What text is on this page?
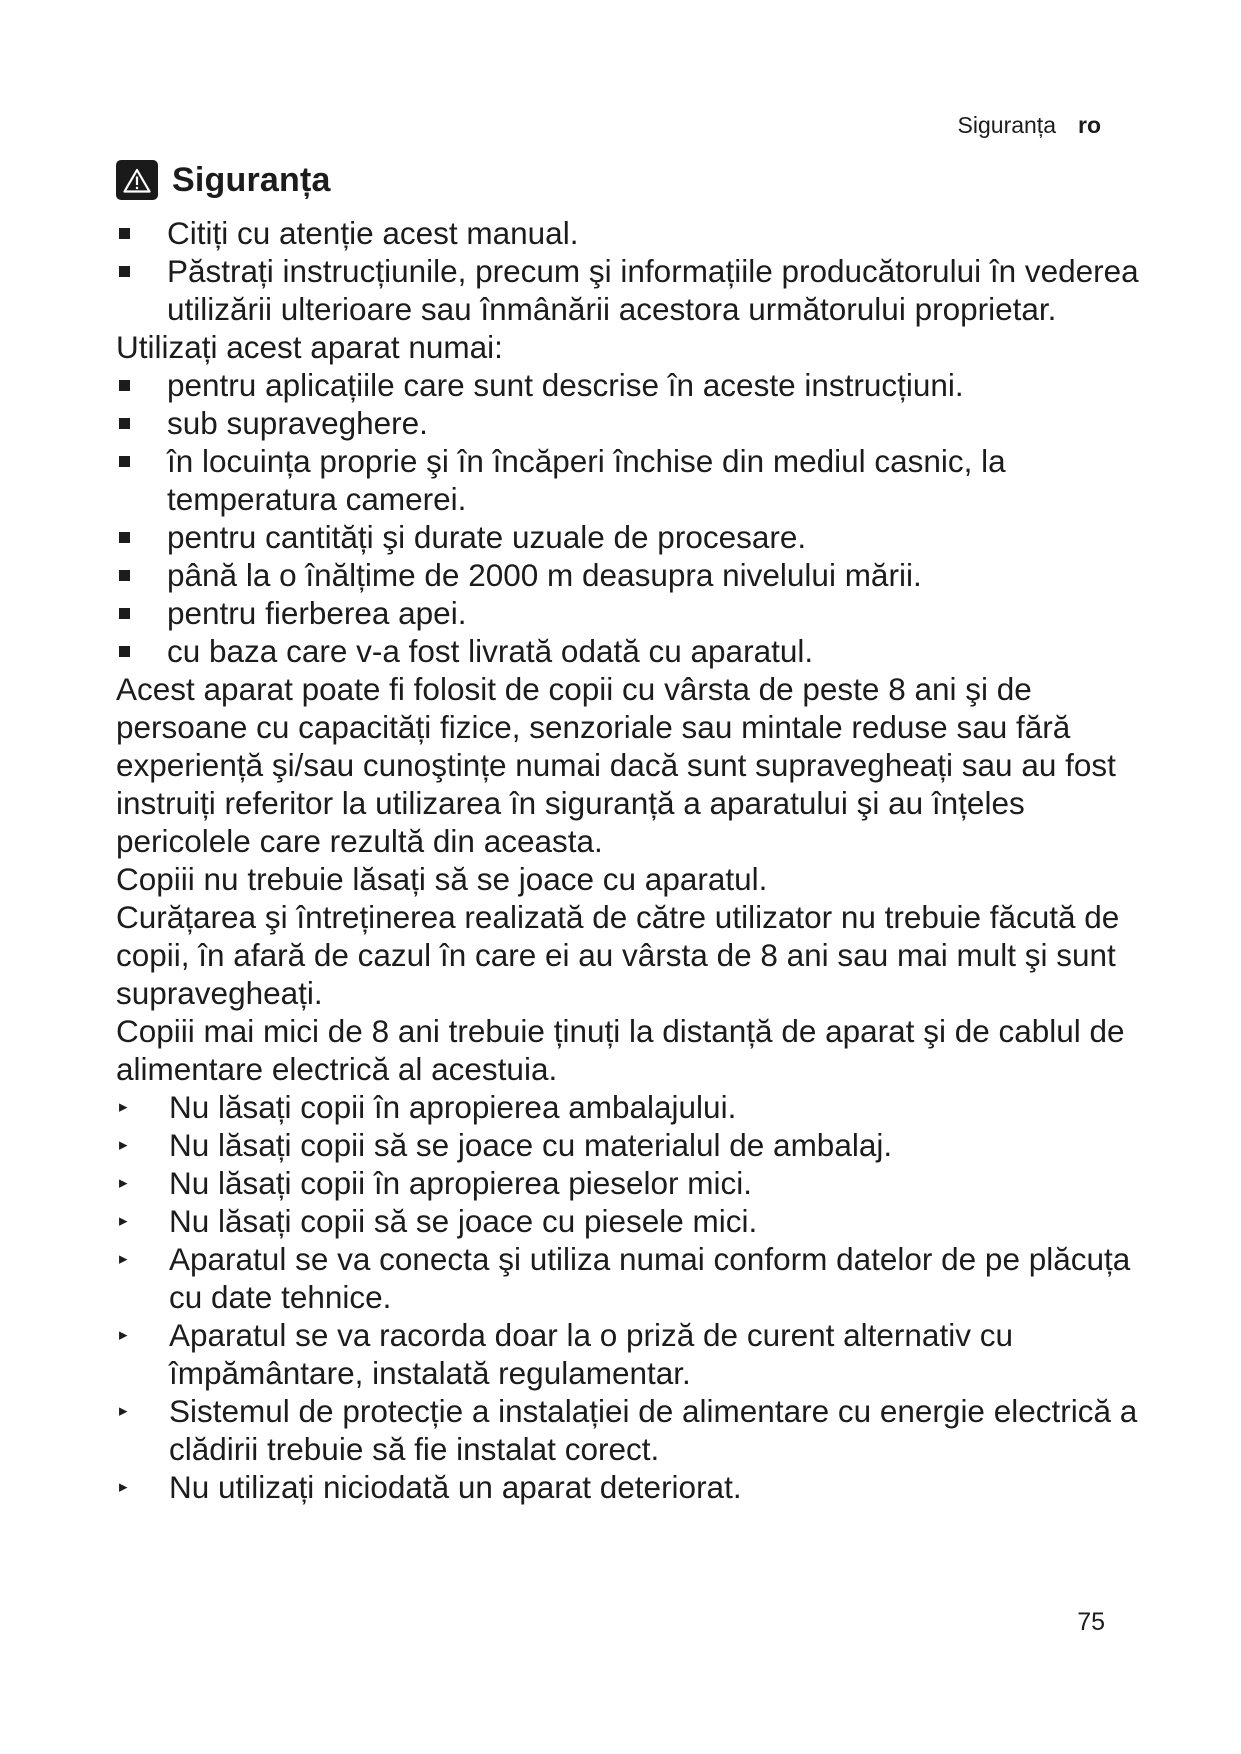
Siguranța ro
Siguranța
Citiți cu atenție acest manual.
Păstrați instrucțiunile, precum şi informațiile producătorului în vederea utilizării ulterioare sau înmânării acestora următorului proprietar.
Utilizați acest aparat numai:
pentru aplicațiile care sunt descrise în aceste instrucțiuni.
sub supraveghere.
în locuința proprie şi în încăperi închise din mediul casnic, la temperatura camerei.
pentru cantități şi durate uzuale de procesare.
până la o înălțime de 2000 m deasupra nivelului mării.
pentru fierberea apei.
cu baza care v-a fost livrată odată cu aparatul.
Acest aparat poate fi folosit de copii cu vârsta de peste 8 ani şi de persoane cu capacități fizice, senzoriale sau mintale reduse sau fără experiență şi/sau cunoştințe numai dacă sunt supravegheați sau au fost instruiți referitor la utilizarea în siguranță a aparatului şi au înțeles pericolele care rezultă din aceasta.
Copiii nu trebuie lăsați să se joace cu aparatul.
Curățarea şi întreținerea realizată de către utilizator nu trebuie făcută de copii, în afară de cazul în care ei au vârsta de 8 ani sau mai mult şi sunt supravegheați.
Copiii mai mici de 8 ani trebuie ținuți la distanță de aparat şi de cablul de alimentare electrică al acestuia.
▸ Nu lăsați copii în apropierea ambalajului.
▸ Nu lăsați copii să se joace cu materialul de ambalaj.
▸ Nu lăsați copii în apropierea pieselor mici.
▸ Nu lăsați copii să se joace cu piesele mici.
▸ Aparatul se va conecta şi utiliza numai conform datelor de pe plăcuța cu date tehnice.
▸ Aparatul se va racorda doar la o priză de curent alternativ cu împământare, instalată regulamentar.
▸ Sistemul de protecție a instalației de alimentare cu energie electrică a clădirii trebuie să fie instalat corect.
▸ Nu utilizați niciodată un aparat deteriorat.
75
